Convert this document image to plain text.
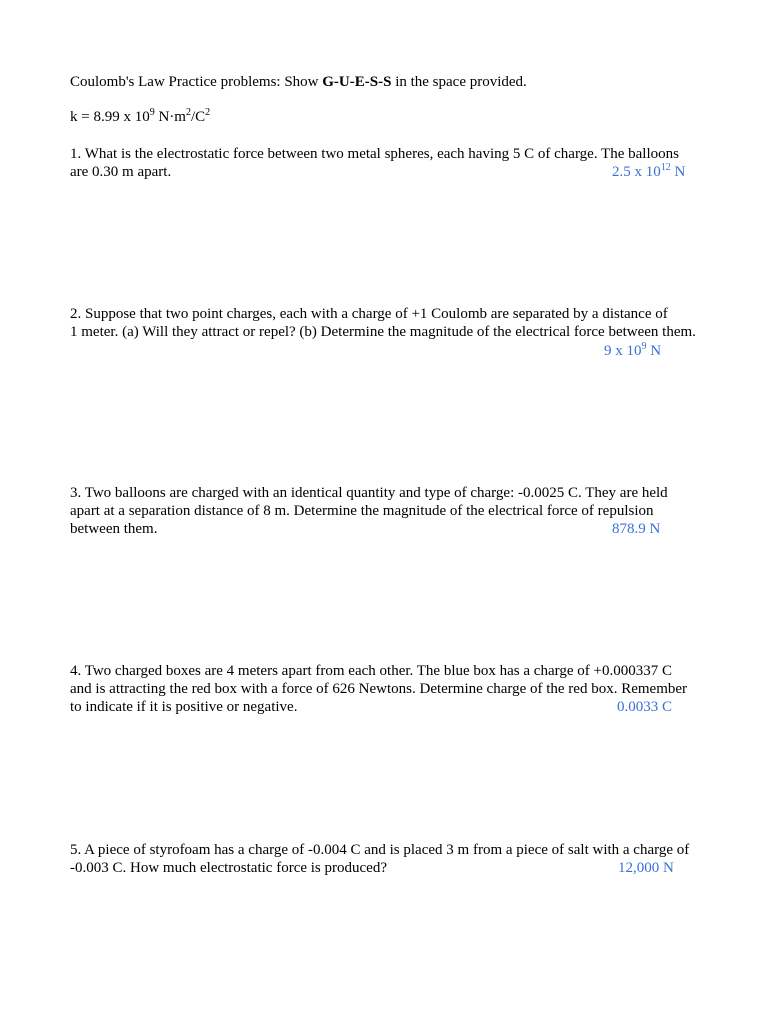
Coulomb's Law Practice problems: Show G-U-E-S-S in the space provided.
k = 8.99 x $10^9$ $N\cdot m^2/C^2$
1. What is the electrostatic force between two metal spheres, each having 5 C of charge. The balloons
are 0.30 m apart.	2.5 x $10^{12}$ N
2. Suppose that two point charges, each with a charge of +1 Coulomb are separated by a distance of
1 meter. (a) Will they attract or repel? (b) Determine the magnitude of the electrical force between them.
9 x $10^9$ N
3. Two balloons are charged with an identical quantity and type of charge: -0.0025 C. They are held
apart at a separation distance of 8 m. Determine the magnitude of the electrical force of repulsion
between them.	878.9 N
4. Two charged boxes are 4 meters apart from each other. The blue box has a charge of +0.000337 C
and is attracting the red box with a force of 626 Newtons. Determine charge of the red box. Remember
to indicate if it is positive or negative.	0.0033 C
5. A piece of styrofoam has a charge of -0.004 C and is placed 3 m from a piece of salt with a charge of
-0.003 C. How much electrostatic force is produced?	12,000 N
